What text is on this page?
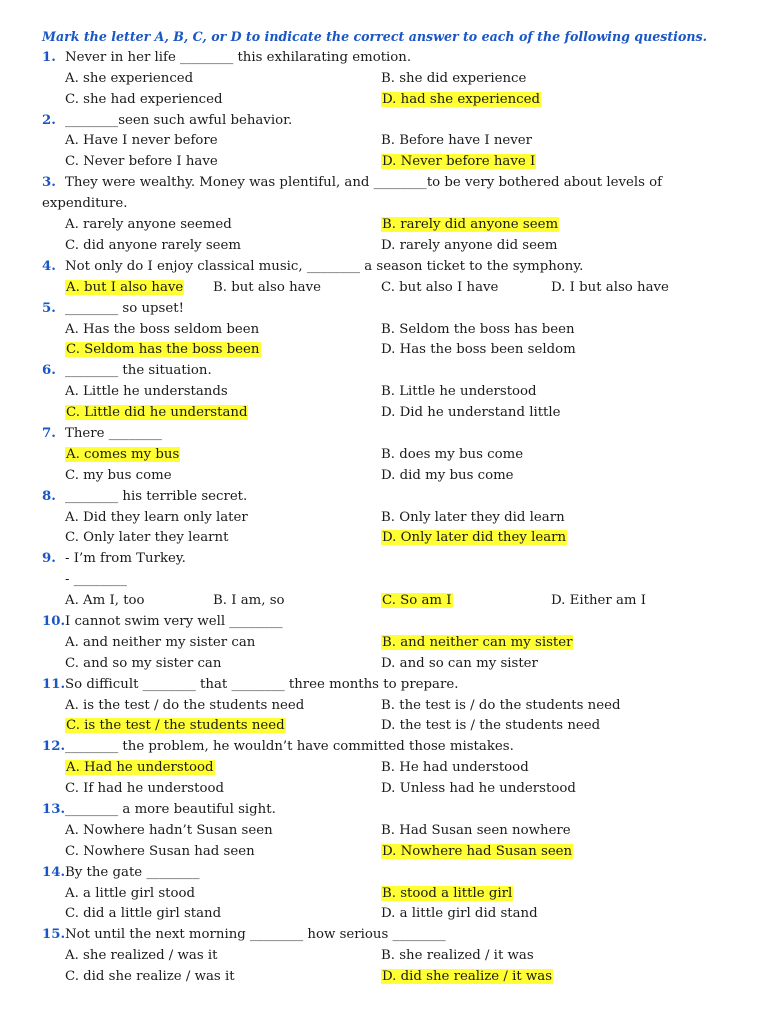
Mark the letter A, B, C, or D to indicate the correct answer to each of the following questions.
1. Never in her life ________ this exhilarating emotion.
A. she experienced	B. she did experience
C. she had experienced	D. had she experienced
2. ________seen such awful behavior.
A. Have I never before	B. Before have I never
C. Never before I have	D. Never before have I
3. They were wealthy. Money was plentiful, and ________to be very bothered about levels of expenditure.
A. rarely anyone seemed	B. rarely did anyone seem
C. did anyone rarely seem	D. rarely anyone did seem
4. Not only do I enjoy classical music, ________ a season ticket to the symphony.
A. but I also have B. but also have	C. but also I have	D. I but also have
5. ________ so upset!
A. Has the boss seldom been	B. Seldom the boss has been
C. Seldom has the boss been	D. Has the boss been seldom
6. ________ the situation.
A. Little he understands	B. Little he understood
C. Little did he understand	D. Did he understand little
7. There ________
A. comes my bus	B. does my bus come
C. my bus come	D. did my bus come
8. ________ his terrible secret.
A. Did they learn only later	B. Only later they did learn
C. Only later they learnt	D. Only later did they learn
9. - I’m from Turkey.
- ________
A. Am I, too	B. I am, so	C. So am I	D. Either am I
10.I cannot swim very well ________
A. and neither my sister can	B. and neither can my sister
C. and so my sister can	D. and so can my sister
11.So difficult ________ that ________ three months to prepare.
A. is the test / do the students need	B. the test is / do the students need
C. is the test / the students need	D. the test is / the students need
12.________ the problem, he wouldn’t have committed those mistakes.
A. Had he understood	B. He had understood
C. If had he understood	D. Unless had he understood
13.________ a more beautiful sight.
A. Nowhere hadn’t Susan seen	B. Had Susan seen nowhere
C. Nowhere Susan had seen	D. Nowhere had Susan seen
14.By the gate ________
A. a little girl stood	B. stood a little girl
C. did a little girl stand	D. a little girl did stand
15.Not until the next morning ________ how serious ________
A. she realized / was it	B. she realized / it was
C. did she realize / was it	D. did she realize / it was
